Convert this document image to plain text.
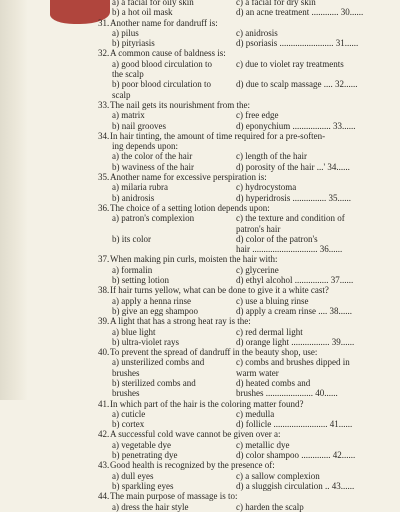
a) a facial for oily skin	c) a facial for dry skin
b) a hot oil mask	d) an acne treatment ............ 30......
31. Another name for dandruff is:
a) pilus	c) anidrosis
b) pityriasis	d) psoriasis ........................ 31......
32. A common cause of baldness is:
a) good blood circulation to	c) due to violet ray treatments
the scalp
b) poor blood circulation to	d) due to scalp massage .... 32......
scalp
33. The nail gets its nourishment from the:
a) matrix	c) free edge
b) nail grooves	d) eponychium ................. 33......
34. In hair tinting, the amount of time required for a pre-soften-
ing depends upon:
a) the color of the hair	c) length of the hair
b) waviness of the hair	d) porosity of the hair ...' 34......
35. Another name for excessive perspiration is:
a) milaria rubra	c) hydrocystoma
b) anidrosis	d) hyperidrosis ............... 35......
36. The choice of a setting lotion depends upon:
a) patron's complexion	c) the texture and condition of
patron's hair
b) its color	d) color of the patron's
hair ............................. 36......
37. When making pin curls, moisten the hair with:
a) formalin	c) glycerine
b) setting lotion	d) ethyl alcohol ............... 37......
38. If hair turns yellow, what can be done to give it a white cast?
a) apply a henna rinse	c) use a bluing rinse
b) give an egg shampoo	d) apply a cream rinse .... 38......
39. A light that has a strong heat ray is the:
a) blue light	c) red dermal light
b) ultra-violet rays	d) orange light ................. 39......
40. To prevent the spread of dandruff in the beauty shop, use:
a) unsterilized combs and	c) combs and brushes dipped in
brushes	warm water
b) sterilized combs and	d) heated combs and
brushes	brushes ..................... 40......
41. In which part of the hair is the coloring matter found?
a) cuticle	c) medulla
b) cortex	d) follicle ........................ 41......
42. A successful cold wave cannot be given over a:
a) vegetable dye	c) metallic dye
b) penetrating dye	d) color shampoo ............. 42......
43. Good health is recognized by the presence of:
a) dull eyes	c) a sallow complexion
b) sparkling eyes	d) a sluggish circulation .. 43......
44. The main purpose of massage is to:
a) dress the hair style	c) harden the scalp
